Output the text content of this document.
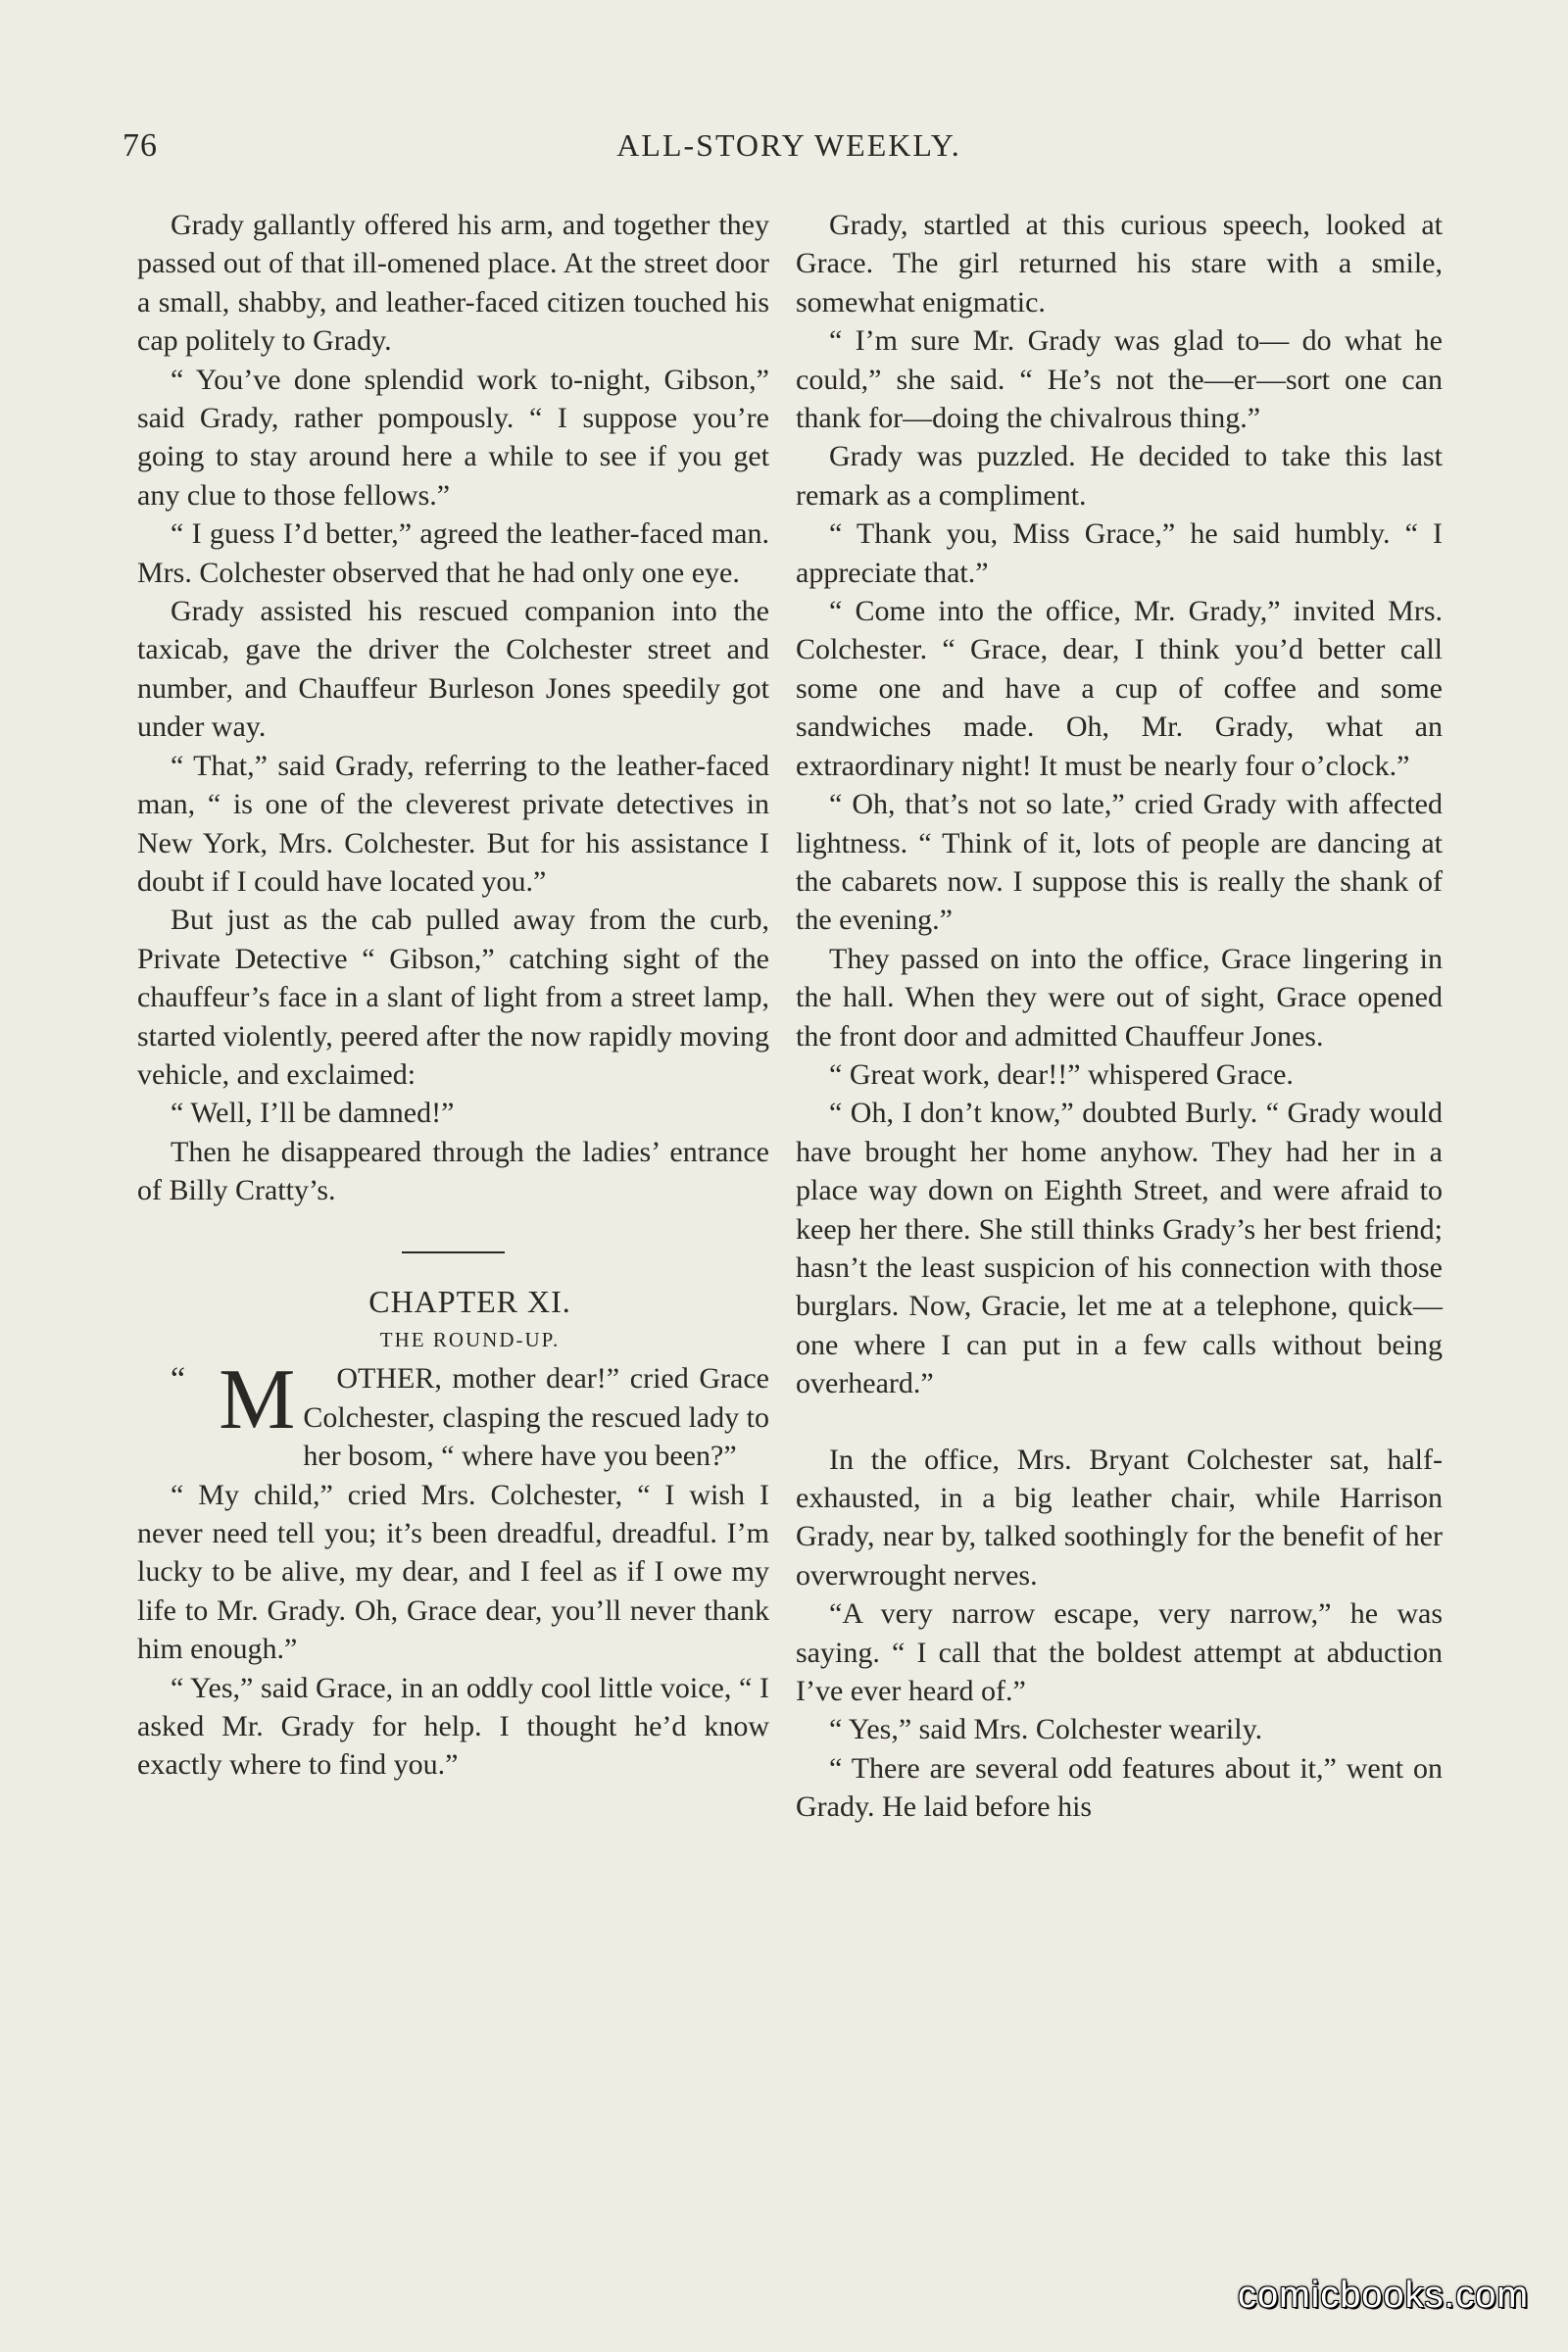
76	ALL-STORY WEEKLY.

Grady gallantly offered his arm, and together they passed out of that ill-omened place. At the street door a small, shabby, and leather-faced citizen touched his cap politely to Grady.

“ You’ve done splendid work to-night, Gibson,” said Grady, rather pompously. “ I suppose you’re going to stay around here a while to see if you get any clue to those fellows.”

“ I guess I’d better,” agreed the leather-faced man. Mrs. Colchester observed that he had only one eye.

Grady assisted his rescued companion into the taxicab, gave the driver the Colchester street and number, and Chauffeur Burleson Jones speedily got under way.

“ That,” said Grady, referring to the leather-faced man, “ is one of the cleverest private detectives in New York, Mrs. Colchester. But for his assistance I doubt if I could have located you.”

But just as the cab pulled away from the curb, Private Detective “ Gibson,” catching sight of the chauffeur’s face in a slant of light from a street lamp, started violently, peered after the now rapidly moving vehicle, and exclaimed:

“ Well, I’ll be damned!”

Then he disappeared through the ladies’ entrance of Billy Cratty’s.

CHAPTER XI.

THE ROUND-UP.

“ M OTHER, mother dear!” cried Grace Colchester, clasping the rescued lady to her bosom, “ where have you been?”

“ My child,” cried Mrs. Colchester, “ I wish I never need tell you; it’s been dreadful, dreadful. I’m lucky to be alive, my dear, and I feel as if I owe my life to Mr. Grady. Oh, Grace dear, you’ll never thank him enough.”

“ Yes,” said Grace, in an oddly cool little voice, “ I asked Mr. Grady for help. I thought he’d know exactly where to find you.”

Grady, startled at this curious speech, looked at Grace. The girl returned his stare with a smile, somewhat enigmatic.

“ I’m sure Mr. Grady was glad to— do what he could,” she said. “ He’s not the—er—sort one can thank for—doing the chivalrous thing.”

Grady was puzzled. He decided to take this last remark as a compliment.

“ Thank you, Miss Grace,” he said humbly. “ I appreciate that.”

“ Come into the office, Mr. Grady,” invited Mrs. Colchester. “ Grace, dear, I think you’d better call some one and have a cup of coffee and some sandwiches made. Oh, Mr. Grady, what an extraordinary night! It must be nearly four o’clock.”

“ Oh, that’s not so late,” cried Grady with affected lightness. “ Think of it, lots of people are dancing at the cabarets now. I suppose this is really the shank of the evening.”

They passed on into the office, Grace lingering in the hall. When they were out of sight, Grace opened the front door and admitted Chauffeur Jones.

“ Great work, dear!!” whispered Grace.

“ Oh, I don’t know,” doubted Burly. “ Grady would have brought her home anyhow. They had her in a place way down on Eighth Street, and were afraid to keep her there. She still thinks Grady’s her best friend; hasn’t the least suspicion of his connection with those burglars. Now, Gracie, let me at a telephone, quick—one where I can put in a few calls without being overheard.”

In the office, Mrs. Bryant Colchester sat, half-exhausted, in a big leather chair, while Harrison Grady, near by, talked soothingly for the benefit of her overwrought nerves.

“A very narrow escape, very narrow,” he was saying. “ I call that the boldest attempt at abduction I’ve ever heard of.”

“ Yes,” said Mrs. Colchester wearily.

“ There are several odd features about it,” went on Grady. He laid before his

comicbooks.com
